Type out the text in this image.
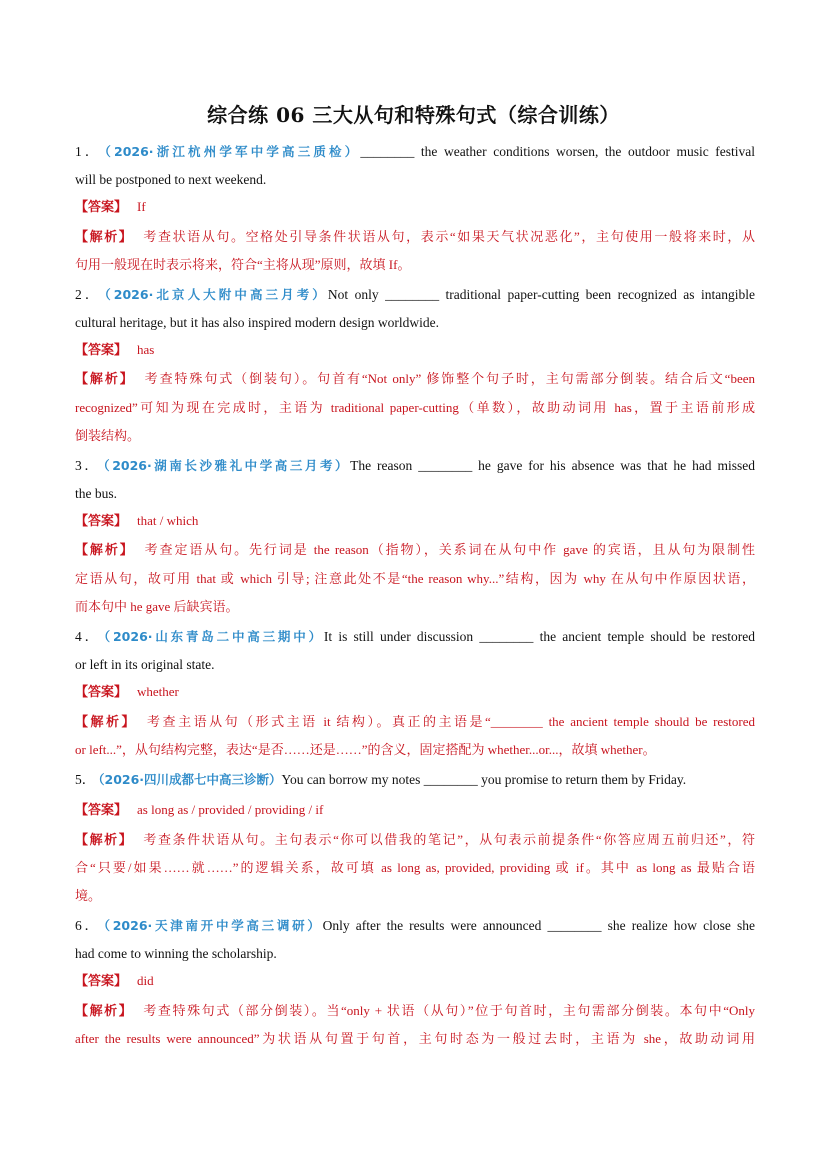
综合练 06 三大从句和特殊句式（综合训练）
1． （2026·浙江杭州学军中学高三质检）________ the weather conditions worsen, the outdoor music festival
will be postponed to next weekend.
【答案】 If
【解析】 考查状语从句。空格处引导条件状语从句，表示“如果天气状况恶化”，主句使用一般将来时，从
句用一般现在时表示将来，符合“主将从现”原则，故填 If。
2． （2026·北京人大附中高三月考）Not only ________ traditional paper-cutting been recognized as intangible
cultural heritage, but it has also inspired modern design worldwide.
【答案】 has
【解析】 考查特殊句式（倒装句）。句首有“Not only” 修饰整个句子时，主句需部分倒装。结合后文“been
recognized”可知为现在完成时，主语为 traditional paper-cutting（单数），故助动词用 has，置于主语前形成
倒装结构。
3． （2026·湖南长沙雅礼中学高三月考）The reason ________ he gave for his absence was that he had missed
the bus.
【答案】 that / which
【解析】 考查定语从句。先行词是 the reason（指物），关系词在从句中作 gave 的宾语，且从句为限制性
定语从句，故可用 that 或 which 引导; 注意此处不是“the reason why...”结构，因为 why 在从句中作原因状语，
而本句中 he gave 后缺宾语。
4． （2026·山东青岛二中高三期中）It is still under discussion ________ the ancient temple should be restored
or left in its original state.
【答案】 whether
【解析】 考查主语从句（形式主语 it 结构）。真正的主语是“________ the ancient temple should be restored
or left...”，从句结构完整，表达“是否……还是……”的含义，固定搭配为 whether...or...，故填 whether。
5． （2026·四川成都七中高三诊断）You can borrow my notes ________ you promise to return them by Friday.
【答案】 as long as / provided / providing / if
【解析】 考查条件状语从句。主句表示“你可以借我的笔记”，从句表示前提条件“你答应周五前归还”，符
合“只要/如果……就……”的逻辑关系，故可填 as long as, provided, providing 或 if。其中 as long as 最贴合语
境。
6． （2026·天津南开中学高三调研）Only after the results were announced ________ she realize how close she
had come to winning the scholarship.
【答案】 did
【解析】 考查特殊句式（部分倒装）。当“only + 状语（从句）”位于句首时，主句需部分倒装。本句中“Only
after the results were announced”为状语从句置于句首，主句时态为一般过去时，主语为 she，故助动词用
